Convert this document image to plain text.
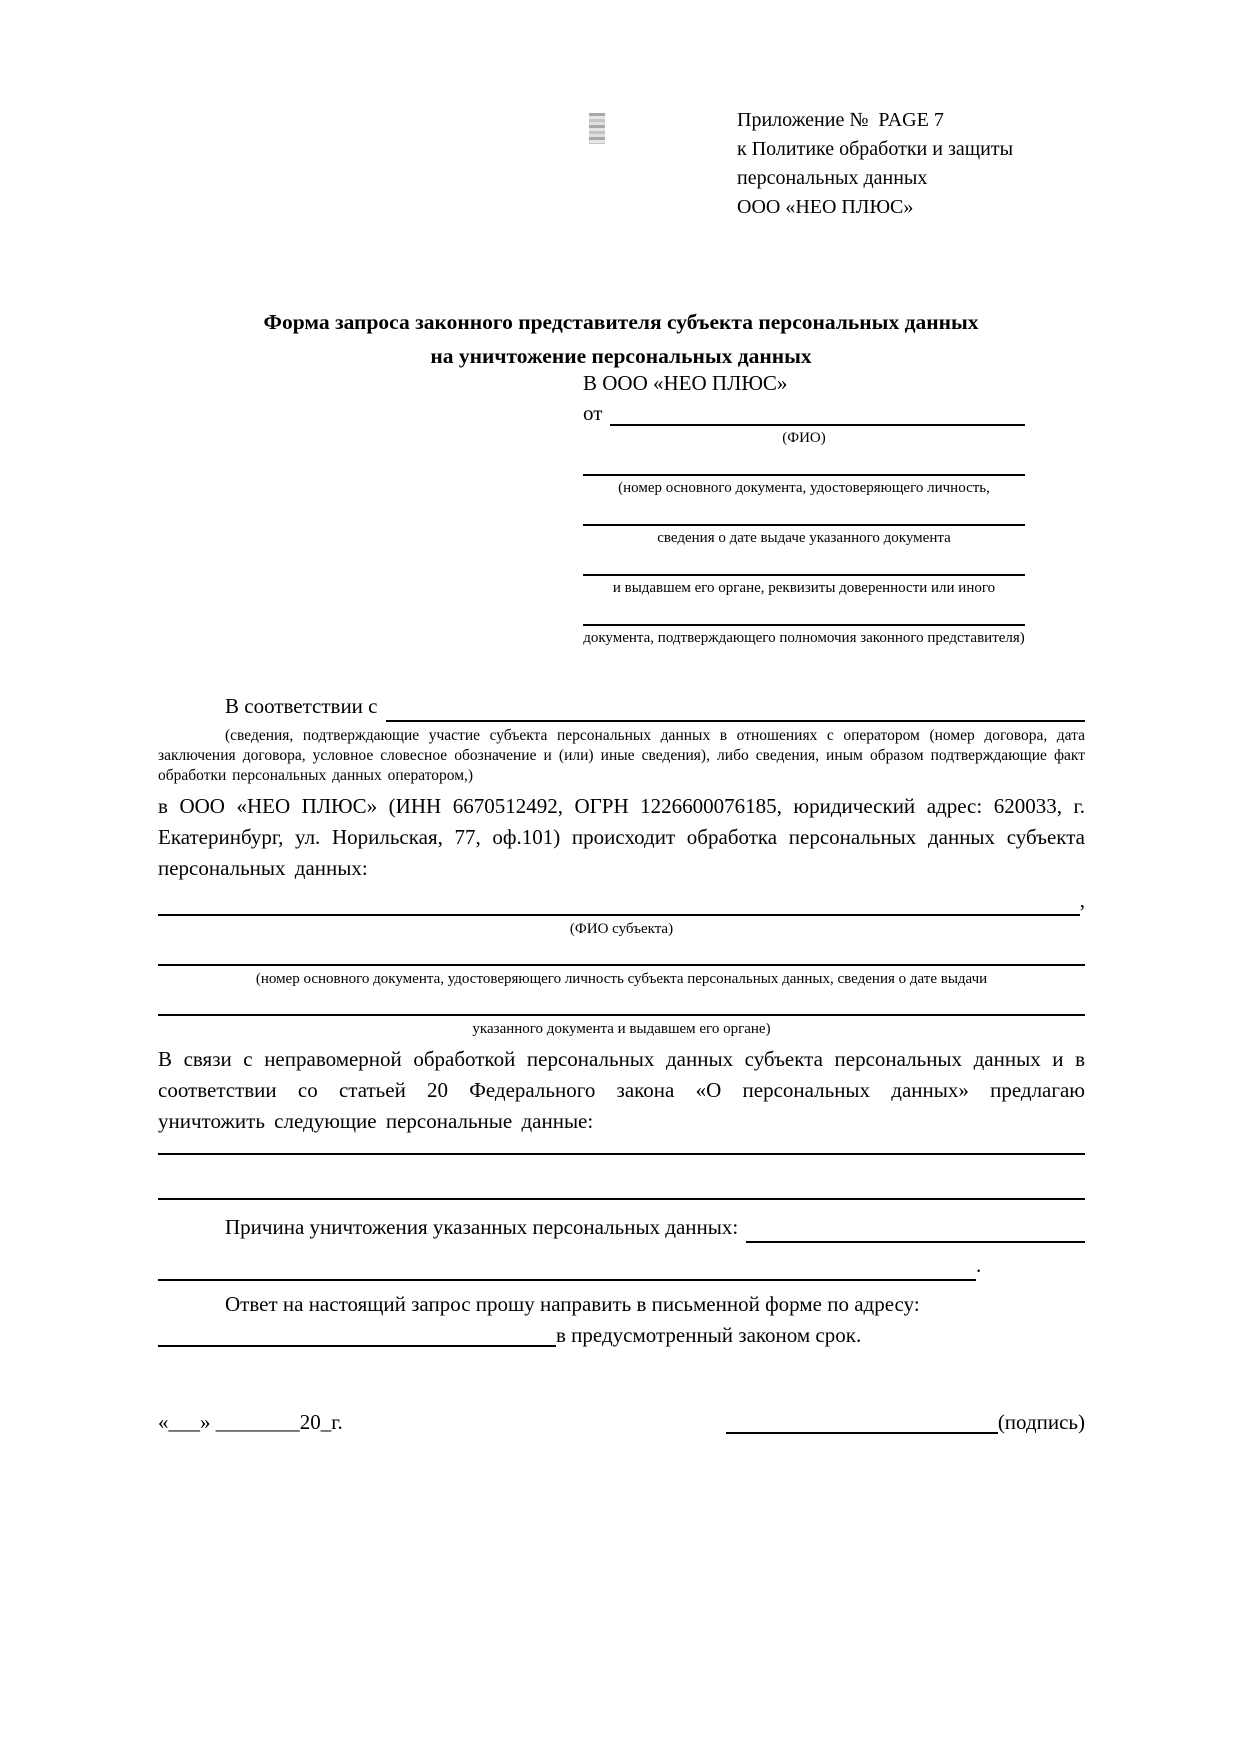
Приложение №  PAGE 7
к Политике обработки и защиты
персональных данных
ООО «НЕО ПЛЮС»
Форма запроса законного представителя субъекта персональных данных
на уничтожение персональных данных
В ООО «НЕО ПЛЮС»
от
(ФИО)
(номер основного документа, удостоверяющего личность,
сведения о дате выдаче указанного документа
и выдавшем его органе, реквизиты доверенности или иного
документа, подтверждающего полномочия законного представителя)
В соответствии с
(сведения, подтверждающие участие субъекта персональных данных в отношениях с оператором (номер договора, дата заключения договора, условное словесное обозначение и (или) иные сведения), либо сведения, иным образом подтверждающие факт обработки персональных данных оператором,)
в ООО «НЕО ПЛЮС» (ИНН 6670512492, ОГРН 1226600076185, юридический адрес: 620033, г. Екатеринбург, ул. Норильская, 77, оф.101) происходит обработка персональных данных субъекта персональных данных:
,
(ФИО субъекта)
(номер основного документа, удостоверяющего личность субъекта персональных данных, сведения о дате выдачи
указанного документа и выдавшем его органе)
В связи с неправомерной обработкой персональных данных субъекта персональных данных и в соответствии со статьей 20 Федерального закона «О персональных данных» предлагаю уничтожить следующие персональные данные:
Причина уничтожения указанных персональных данных:
.
Ответ на настоящий запрос прошу направить в письменной форме по адресу:
в предусмотренный законом срок.
«___» ________20_г.	(подпись)
